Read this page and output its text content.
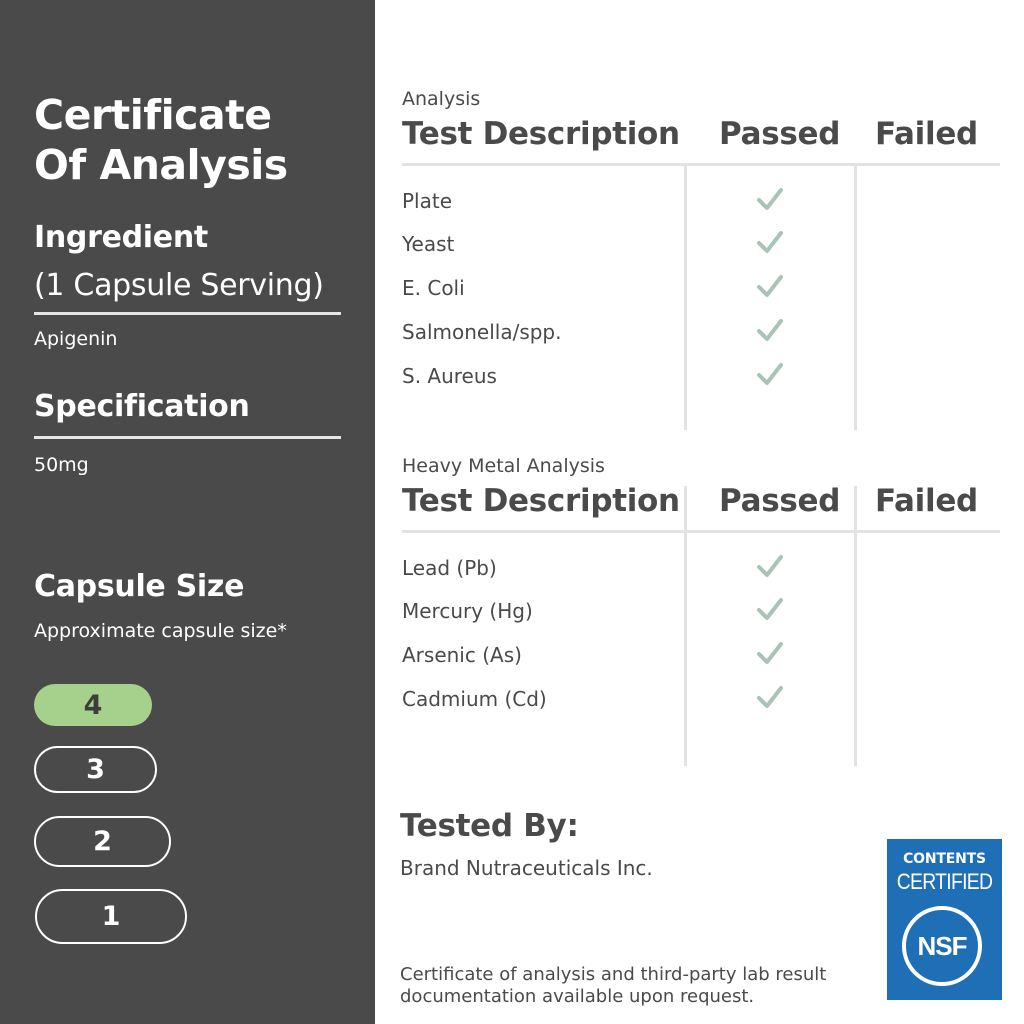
Certificate
Of Analysis
Ingredient
(1 Capsule Serving)
Apigenin
Specification
50mg
Capsule Size
Approximate capsule size*
4
3
2
1
Analysis
Test Description Passed Failed
Plate
Yeast
E. Coli
Salmonella/spp.
S. Aureus
Heavy Metal Analysis
Test Description Passed Failed
Lead (Pb)
Mercury (Hg)
Arsenic (As)
Cadmium (Cd)
Tested By:
Brand Nutraceuticals Inc.
Certificate of analysis and third-party lab result documentation available upon request.
CONTENTS
CERTIFIED
NSF
